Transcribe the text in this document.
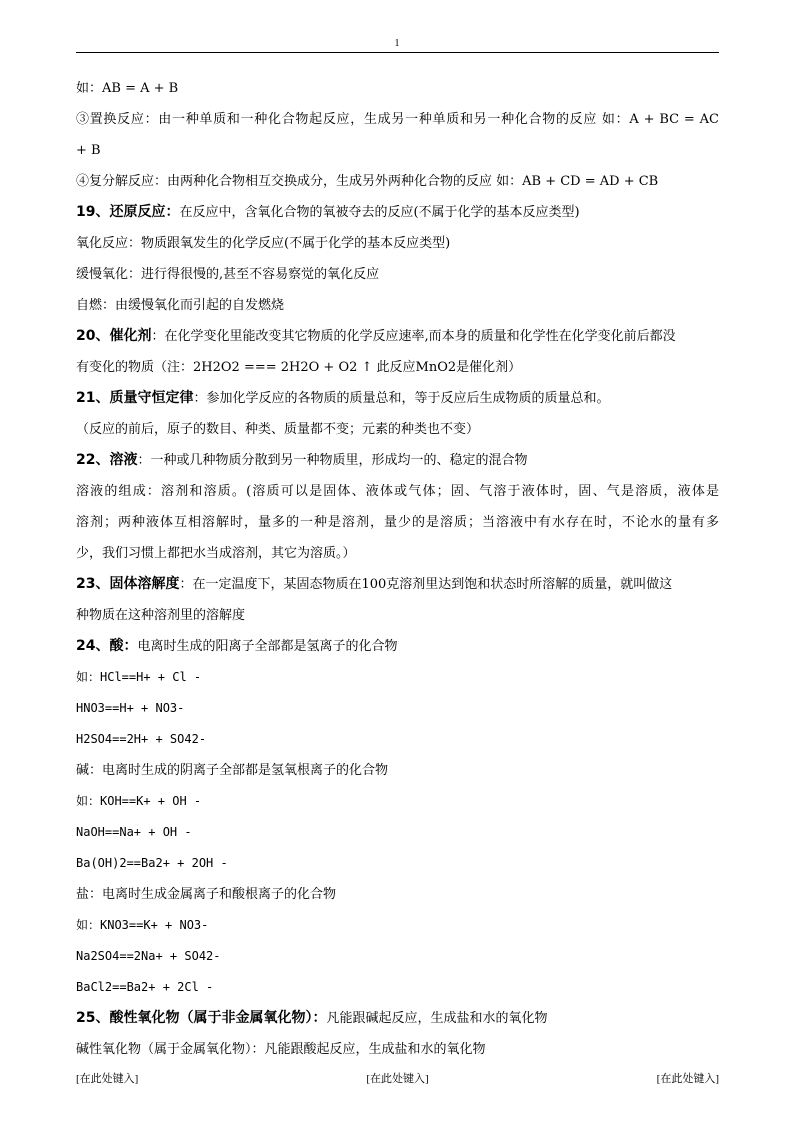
1
如：AB = A + B
③置换反应：由一种单质和一种化合物起反应，生成另一种单质和另一种化合物的反应 如：A + BC = AC
+ B
④复分解反应：由两种化合物相互交换成分，生成另外两种化合物的反应 如：AB + CD = AD + CB
19、还原反应：在反应中，含氧化合物的氧被夺去的反应(不属于化学的基本反应类型)
氧化反应：物质跟氧发生的化学反应(不属于化学的基本反应类型)
缓慢氧化：进行得很慢的,甚至不容易察觉的氧化反应
自燃：由缓慢氧化而引起的自发燃烧
20、催化剂：在化学变化里能改变其它物质的化学反应速率,而本身的质量和化学性在化学变化前后都没
有变化的物质（注：2H2O2 === 2H2O + O2 ↑ 此反应MnO2是催化剂）
21、质量守恒定律：参加化学反应的各物质的质量总和，等于反应后生成物质的质量总和。
（反应的前后，原子的数目、种类、质量都不变；元素的种类也不变）
22、溶液：一种或几种物质分散到另一种物质里，形成均一的、稳定的混合物
溶液的组成：溶剂和溶质。(溶质可以是固体、液体或气体；固、气溶于液体时，固、气是溶质，液体是
溶剂；两种液体互相溶解时，量多的一种是溶剂，量少的是溶质；当溶液中有水存在时，不论水的量有多
少，我们习惯上都把水当成溶剂，其它为溶质。）
23、固体溶解度：在一定温度下，某固态物质在100克溶剂里达到饱和状态时所溶解的质量，就叫做这
种物质在这种溶剂里的溶解度
24、酸：电离时生成的阳离子全部都是氢离子的化合物
如：HCl==H+ + Cl -
HNO3==H+ + NO3-
H2SO4==2H+ + SO42-
碱：电离时生成的阴离子全部都是氢氧根离子的化合物
如：KOH==K+ + OH -
NaOH==Na+ + OH -
Ba(OH)2==Ba2+ + 2OH -
盐：电离时生成金属离子和酸根离子的化合物
如：KNO3==K+ + NO3-
Na2SO4==2Na+ + SO42-
BaCl2==Ba2+ + 2Cl -
25、酸性氧化物（属于非金属氧化物）：凡能跟碱起反应，生成盐和水的氧化物
碱性氧化物（属于金属氧化物）：凡能跟酸起反应，生成盐和水的氧化物
[在此处键入]	[在此处键入]	[在此处键入]
